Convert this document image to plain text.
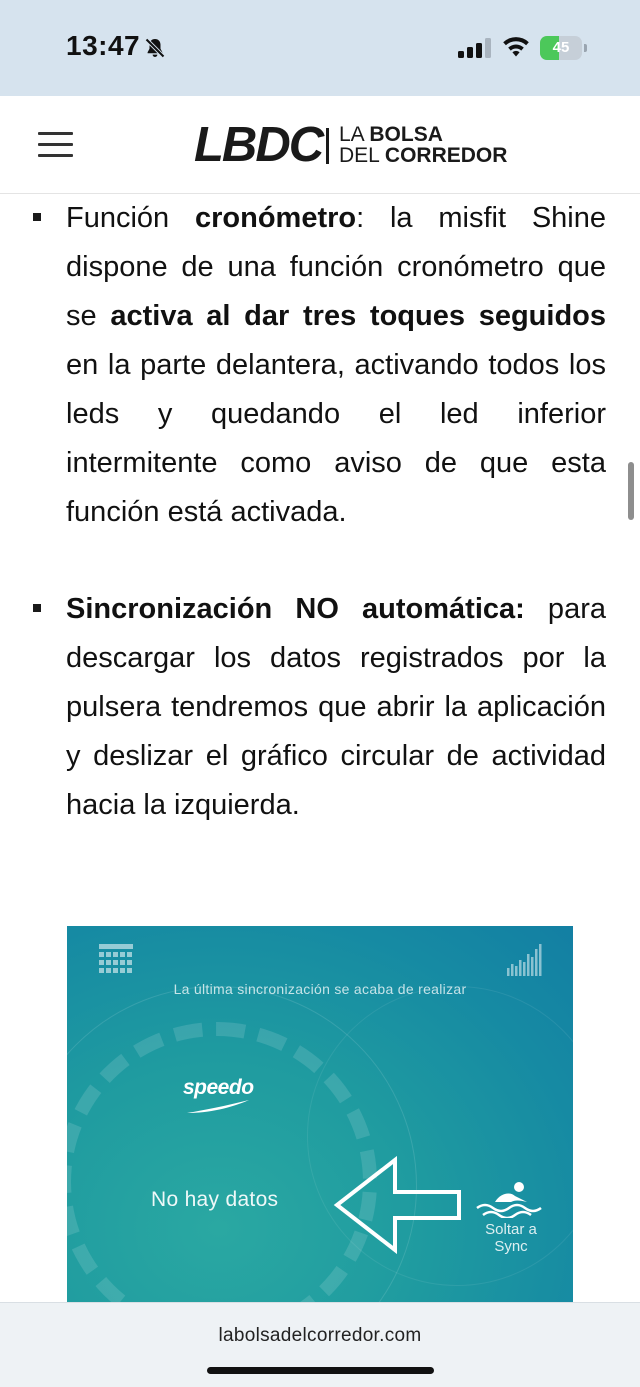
13:47	45
LBDC LA BOLSA
DEL CORREDOR

Función cronómetro: la misfit Shine dispone de una función cronómetro que se activa al dar tres toques seguidos en la parte delantera, activando todos los leds y quedando el led inferior intermitente como aviso de que esta función está activada.

Sincronización NO automática: para descargar los datos registrados por la pulsera tendremos que abrir la aplicación y deslizar el gráfico circular de actividad hacia la izquierda.

La última sincronización se acaba de realizar
speedo
No hay datos
Soltar a
Sync
labolsadelcorredor.com
